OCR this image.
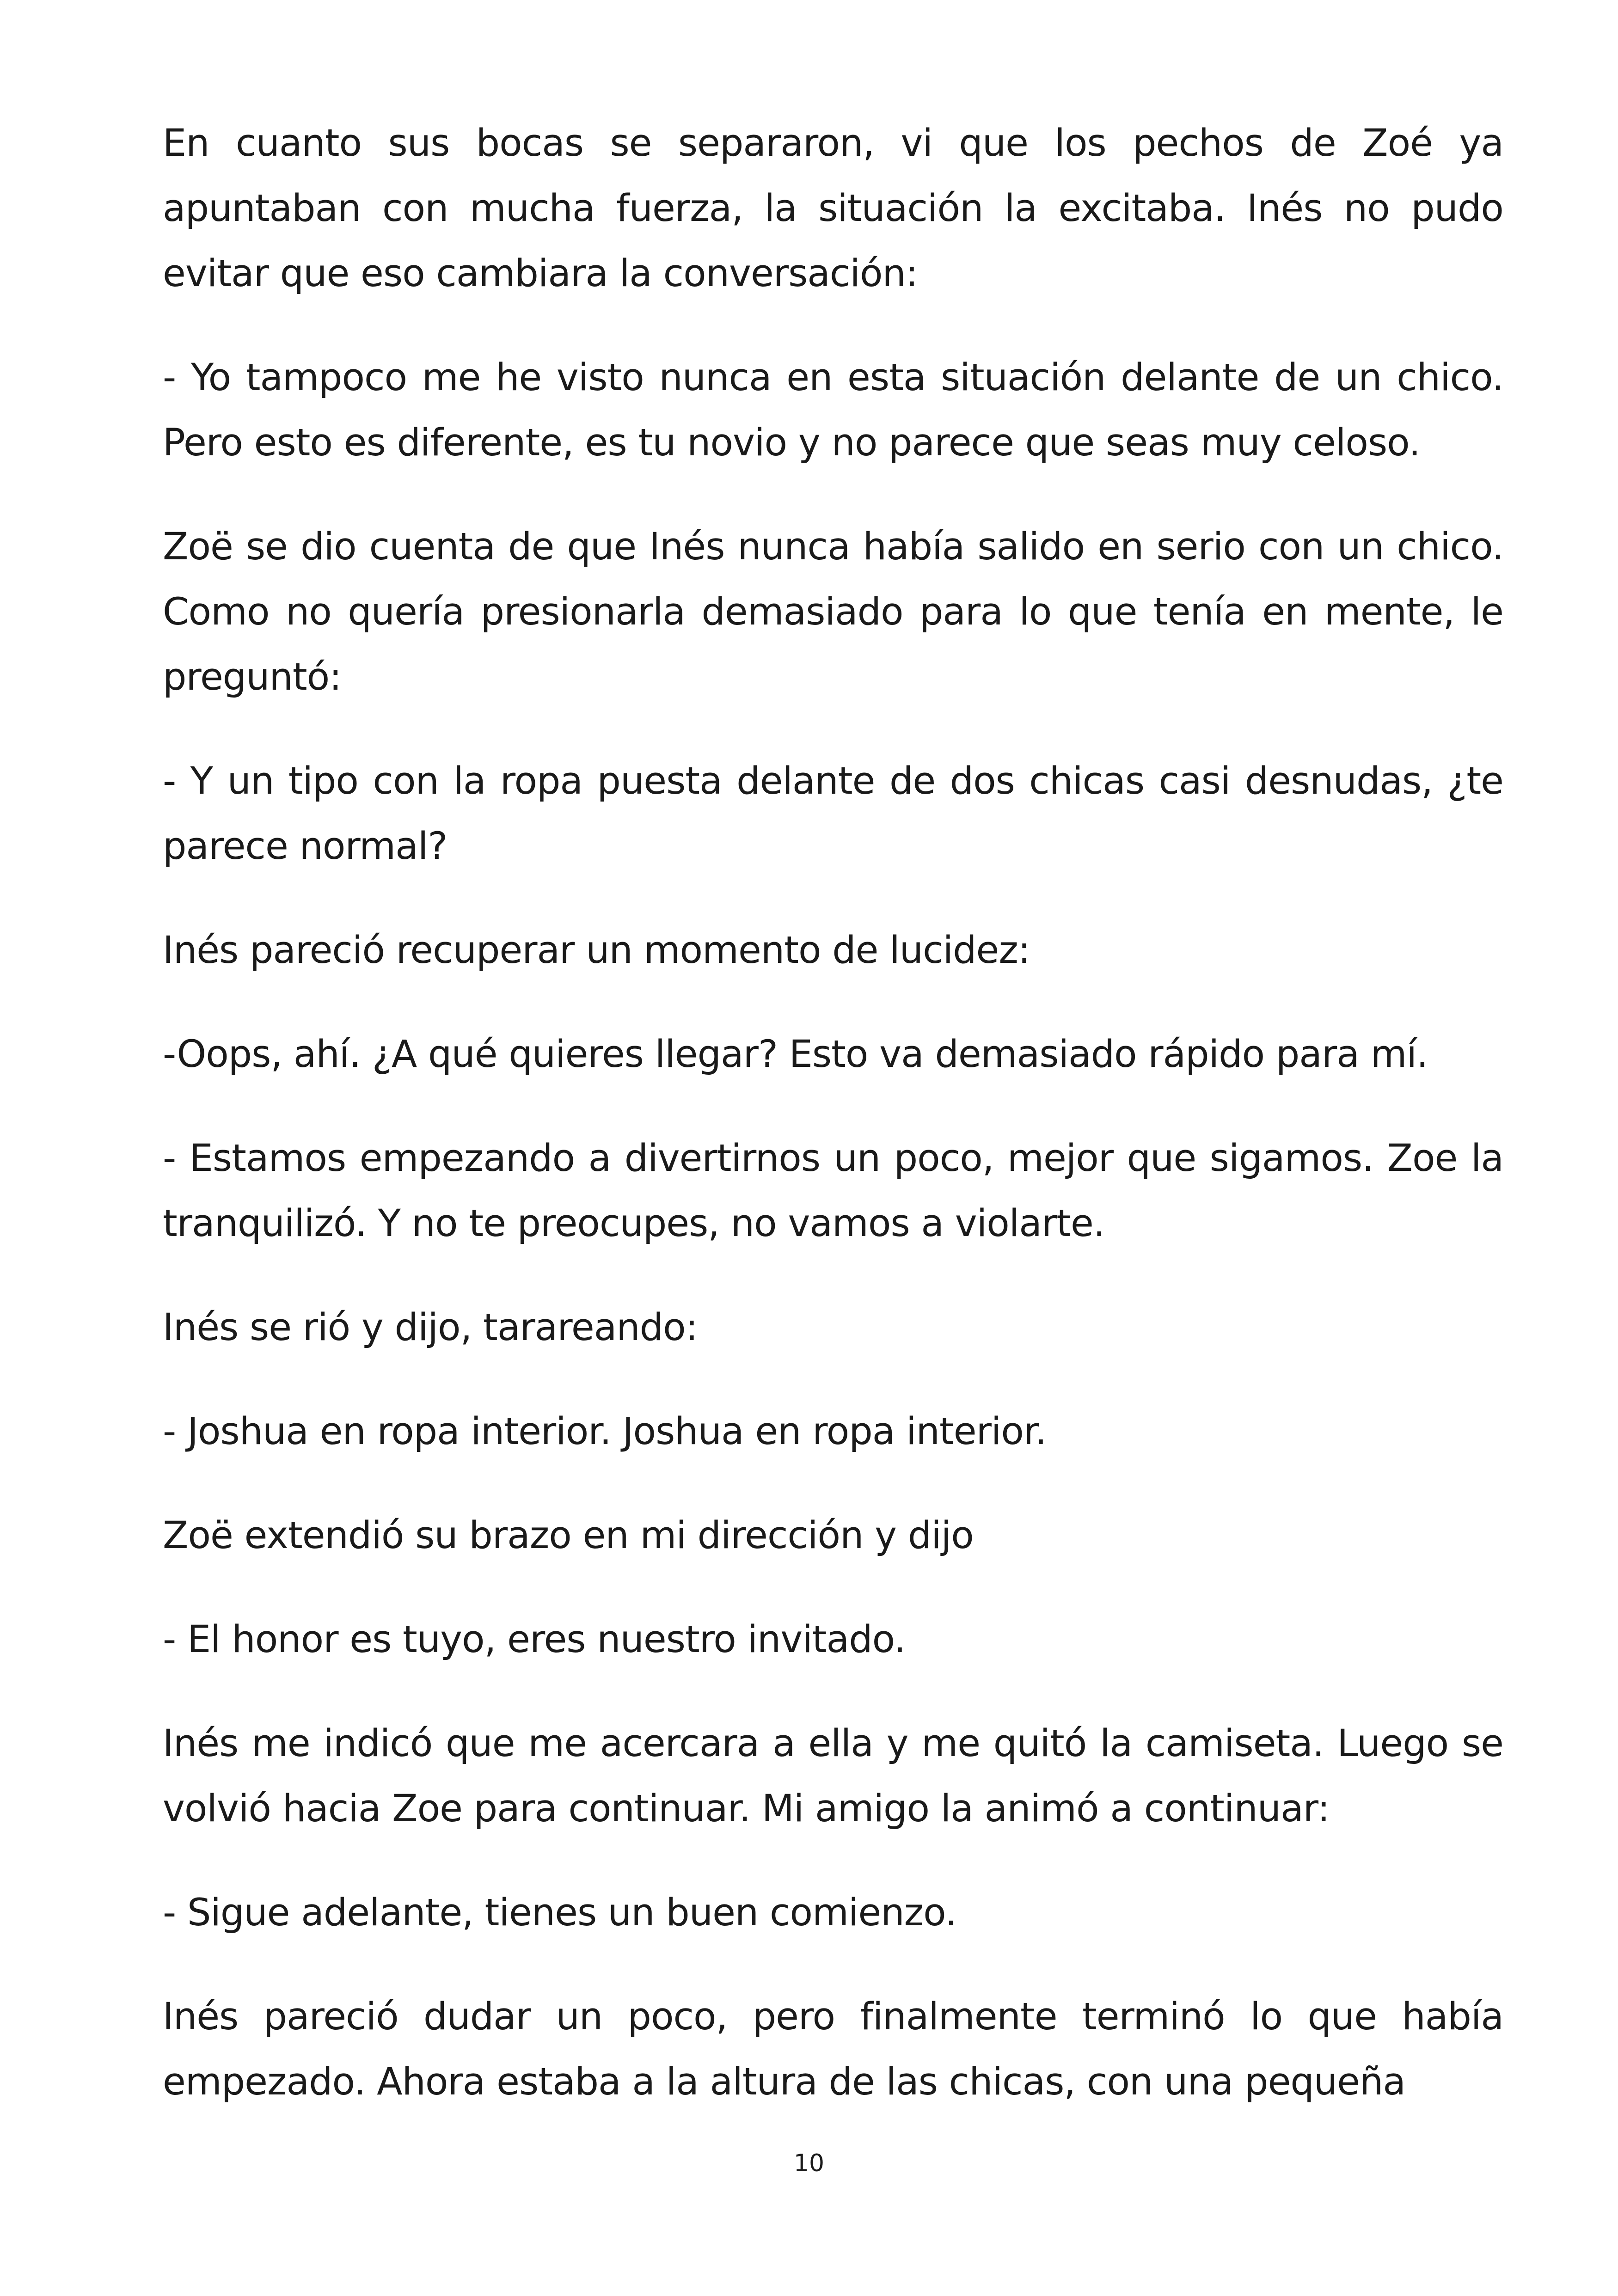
En cuanto sus bocas se separaron, vi que los pechos de Zoé ya apuntaban con mucha fuerza, la situación la excitaba. Inés no pudo evitar que eso cambiara la conversación:

- Yo tampoco me he visto nunca en esta situación delante de un chico. Pero esto es diferente, es tu novio y no parece que seas muy celoso.

Zoë se dio cuenta de que Inés nunca había salido en serio con un chico. Como no quería presionarla demasiado para lo que tenía en mente, le preguntó:

- Y un tipo con la ropa puesta delante de dos chicas casi desnudas, ¿te parece normal?

Inés pareció recuperar un momento de lucidez:

-Oops, ahí. ¿A qué quieres llegar? Esto va demasiado rápido para mí.

- Estamos empezando a divertirnos un poco, mejor que sigamos. Zoe la tranquilizó. Y no te preocupes, no vamos a violarte.

Inés se rió y dijo, tarareando:

- Joshua en ropa interior. Joshua en ropa interior.

Zoë extendió su brazo en mi dirección y dijo

- El honor es tuyo, eres nuestro invitado.

Inés me indicó que me acercara a ella y me quitó la camiseta. Luego se volvió hacia Zoe para continuar. Mi amigo la animó a continuar:

- Sigue adelante, tienes un buen comienzo.

Inés pareció dudar un poco, pero finalmente terminó lo que había empezado. Ahora estaba a la altura de las chicas, con una pequeña

10
